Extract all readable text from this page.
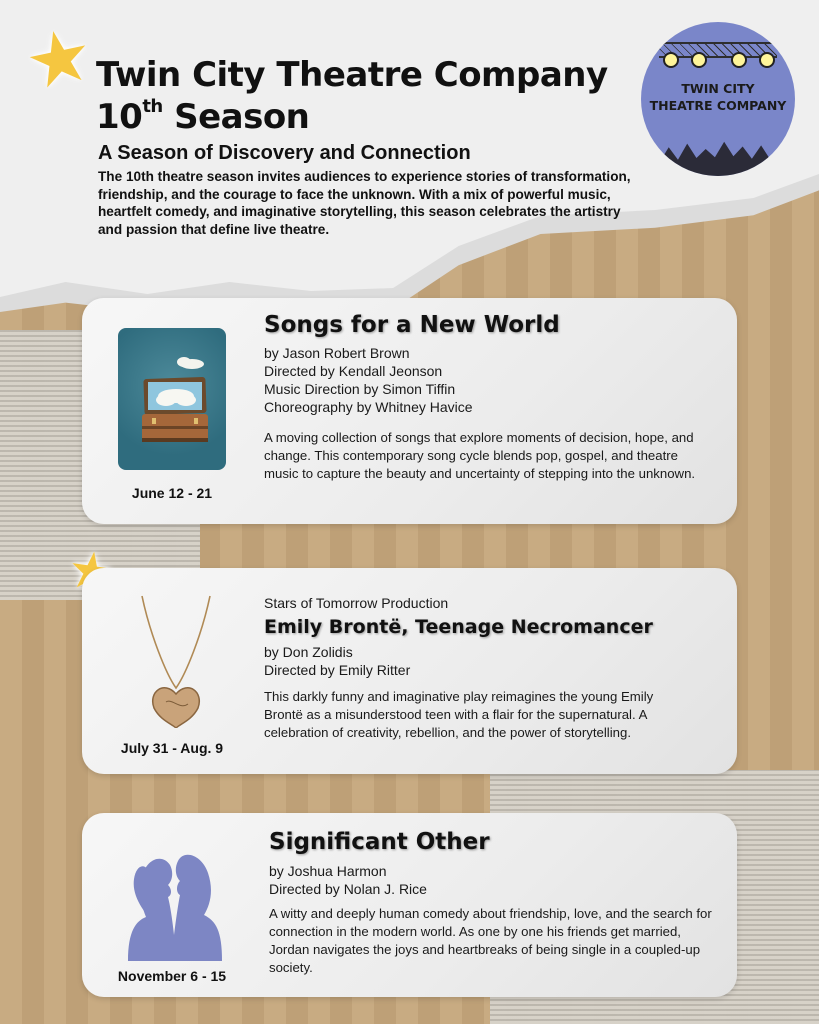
★
Twin City Theatre Company
10th Season
A Season of Discovery and Connection

The 10th theatre season invites audiences to experience stories of transformation, friendship, and the courage to face the unknown. With a mix of powerful music, heartfelt comedy, and imaginative storytelling, this season celebrates the artistry and passion that define live theatre.

TWIN CITY
THEATRE COMPANY

June 12 - 21

Songs for a New World
by Jason Robert Brown
Directed by Kendall Jeonson
Music Direction by Simon Tiffin
Choreography by Whitney Havice

A moving collection of songs that explore moments of decision, hope, and change. This contemporary song cycle blends pop, gospel, and theatre music to capture the beauty and uncertainty of stepping into the unknown.

July 31 - Aug. 9

Stars of Tomorrow Production

Emily Brontë, Teenage Necromancer
by Don Zolidis
Directed by Emily Ritter

This darkly funny and imaginative play reimagines the young Emily Brontë as a misunderstood teen with a flair for the supernatural. A celebration of creativity, rebellion, and the power of storytelling.

November 6 - 15

Significant Other
by Joshua Harmon
Directed by Nolan J. Rice

A witty and deeply human comedy about friendship, love, and the search for connection in the modern world. As one by one his friends get married, Jordan navigates the joys and heartbreaks of being single in a coupled-up society.
